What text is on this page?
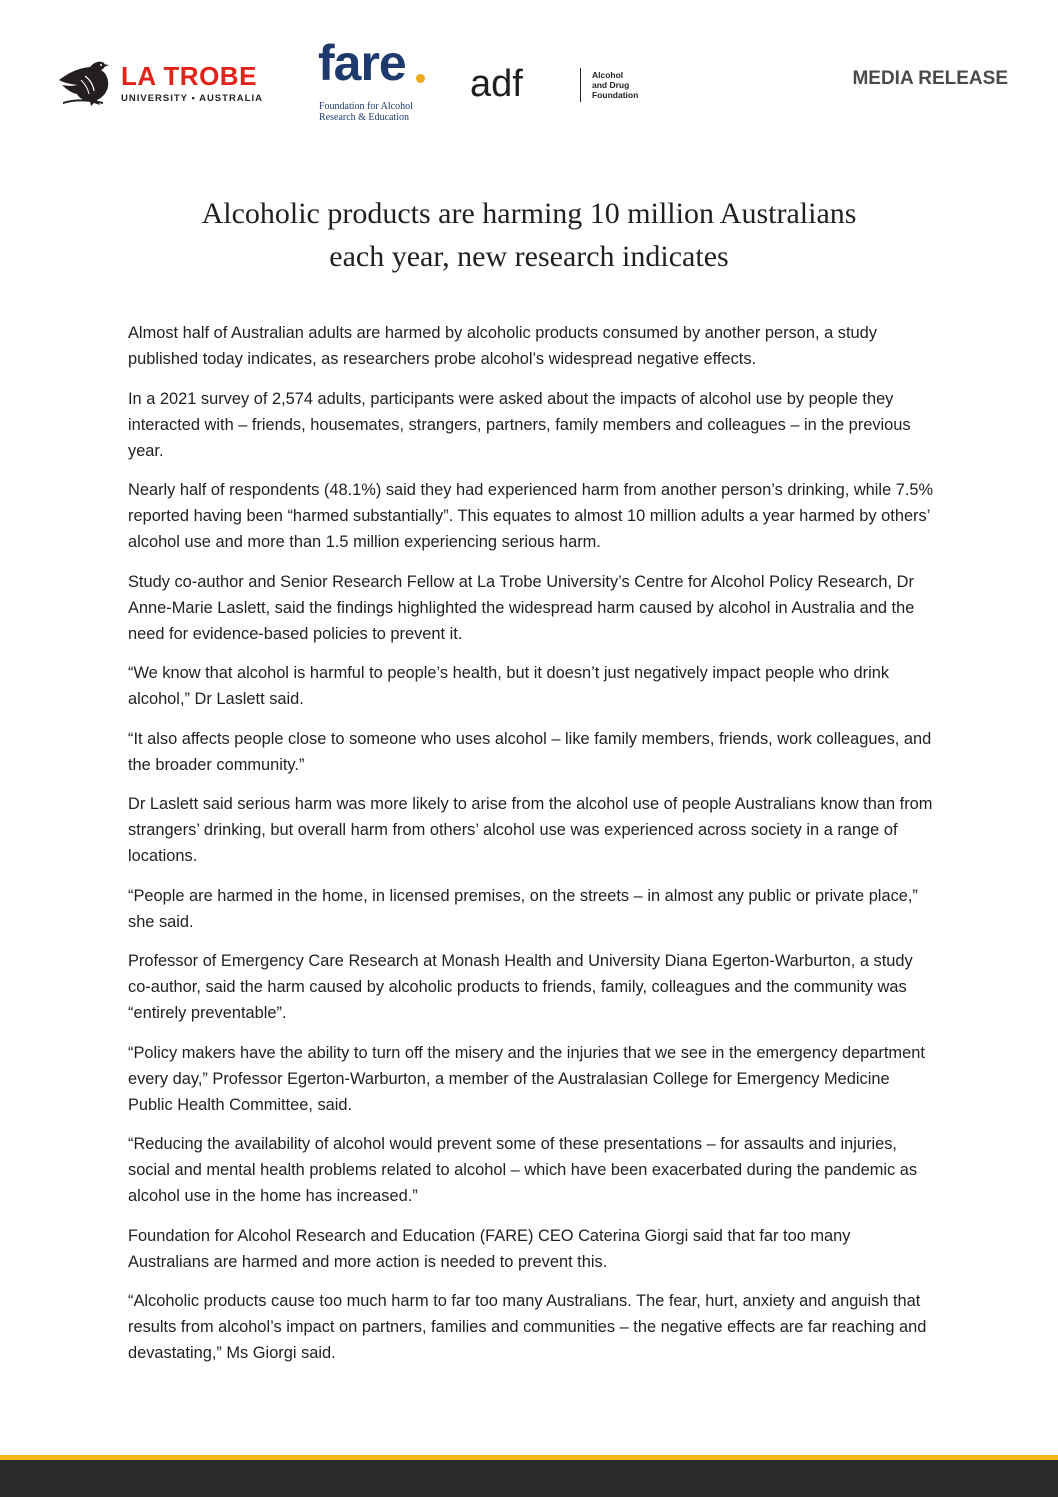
LA TROBE
UNIVERSITY • AUSTRALIA
fare
Foundation for Alcohol
Research & Education
adf	Alcohol
and Drug
Foundation
MEDIA RELEASE
Alcoholic products are harming 10 million Australians
each year, new research indicates

Almost half of Australian adults are harmed by alcoholic products consumed by another person, a study published today indicates, as researchers probe alcohol’s widespread negative effects.

In a 2021 survey of 2,574 adults, participants were asked about the impacts of alcohol use by people they interacted with – friends, housemates, strangers, partners, family members and colleagues – in the previous year.

Nearly half of respondents (48.1%) said they had experienced harm from another person’s drinking, while 7.5% reported having been “harmed substantially”. This equates to almost 10 million adults a year harmed by others’ alcohol use and more than 1.5 million experiencing serious harm.

Study co-author and Senior Research Fellow at La Trobe University’s Centre for Alcohol Policy Research, Dr Anne-Marie Laslett, said the findings highlighted the widespread harm caused by alcohol in Australia and the need for evidence-based policies to prevent it.

“We know that alcohol is harmful to people’s health, but it doesn’t just negatively impact people who drink alcohol,” Dr Laslett said.

“It also affects people close to someone who uses alcohol – like family members, friends, work colleagues, and the broader community.”

Dr Laslett said serious harm was more likely to arise from the alcohol use of people Australians know than from strangers’ drinking, but overall harm from others’ alcohol use was experienced across society in a range of locations.

“People are harmed in the home, in licensed premises, on the streets – in almost any public or private place,” she said.

Professor of Emergency Care Research at Monash Health and University Diana Egerton-Warburton, a study co-author, said the harm caused by alcoholic products to friends, family, colleagues and the community was “entirely preventable”.

“Policy makers have the ability to turn off the misery and the injuries that we see in the emergency department every day,” Professor Egerton-Warburton, a member of the Australasian College for Emergency Medicine Public Health Committee, said.

“Reducing the availability of alcohol would prevent some of these presentations – for assaults and injuries, social and mental health problems related to alcohol – which have been exacerbated during the pandemic as alcohol use in the home has increased.”

Foundation for Alcohol Research and Education (FARE) CEO Caterina Giorgi said that far too many Australians are harmed and more action is needed to prevent this.

“Alcoholic products cause too much harm to far too many Australians. The fear, hurt, anxiety and anguish that results from alcohol’s impact on partners, families and communities – the negative effects are far reaching and devastating,” Ms Giorgi said.
